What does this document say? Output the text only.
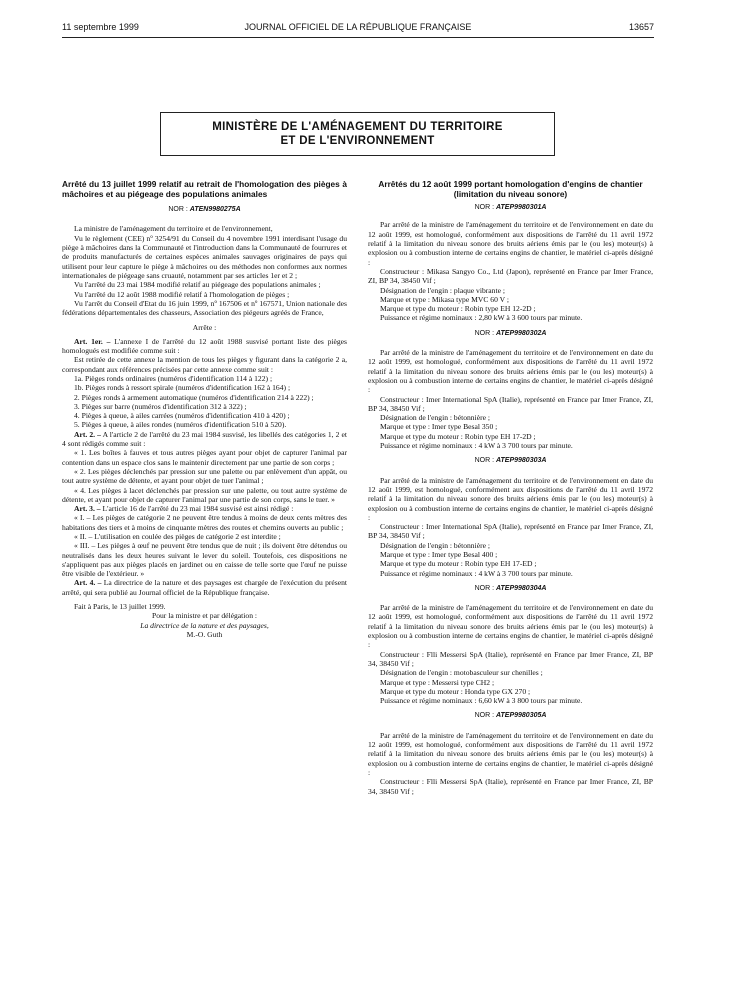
11 septembre 1999	JOURNAL OFFICIEL DE LA RÉPUBLIQUE FRANÇAISE	13657
MINISTÈRE DE L'AMÉNAGEMENT DU TERRITOIRE
ET DE L'ENVIRONNEMENT
Arrêté du 13 juillet 1999 relatif au retrait de l'homologation des pièges à mâchoires et au piégeage des populations animales
NOR : ATEN9980275A

La ministre de l'aménagement du territoire et de l'environnement,

Vu le règlement (CEE) nº 3254/91 du Conseil du 4 novembre 1991 interdisant l'usage du piège à mâchoires dans la Communauté et l'introduction dans la Communauté de fourrures et de produits manufacturés de certaines espèces animales sauvages originaires de pays qui utilisent pour leur capture le piège à mâchoires ou des méthodes non conformes aux normes internationales de piégeage sans cruauté, notamment par ses articles 1er et 2 ;

Vu l'arrêté du 23 mai 1984 modifié relatif au piégeage des populations animales ;

Vu l'arrêté du 12 août 1988 modifié relatif à l'homologation de pièges ;

Vu l'arrêt du Conseil d'Etat du 16 juin 1999, nº 167506 et nº 167571, Union nationale des fédérations départementales des chasseurs, Association des piégeurs agréés de France,

Arrête :

Art. 1er. – L'annexe I de l'arrêté du 12 août 1988 susvisé portant liste des pièges homologués est modifiée comme suit :

Est retirée de cette annexe la mention de tous les pièges y figurant dans la catégorie 2 a, correspondant aux références précisées par cette annexe comme suit :

1a. Pièges ronds ordinaires (numéros d'identification 114 à 122) ;

1b. Pièges ronds à ressort spirale (numéros d'identification 162 à 164) ;

2. Pièges ronds à armement automatique (numéros d'identification 214 à 222) ;

3. Pièges sur barre (numéros d'identification 312 à 322) ;

4. Pièges à queue, à ailes carrées (numéros d'identification 410 à 420) ;

5. Pièges à queue, à ailes rondes (numéros d'identification 510 à 520).

Art. 2. – A l'article 2 de l'arrêté du 23 mai 1984 susvisé, les libellés des catégories 1, 2 et 4 sont rédigés comme suit :

« 1. Les boîtes à fauves et tous autres pièges ayant pour objet de capturer l'animal par contention dans un espace clos sans le maintenir directement par une partie de son corps ;

« 2. Les pièges déclenchés par pression sur une palette ou par enlèvement d'un appât, ou tout autre système de détente, et ayant pour objet de tuer l'animal ;

« 4. Les pièges à lacet déclenchés par pression sur une palette, ou tout autre système de détente, et ayant pour objet de capturer l'animal par une partie de son corps, sans le tuer. »

Art. 3. – L'article 16 de l'arrêté du 23 mai 1984 susvisé est ainsi rédigé :

« I. – Les pièges de catégorie 2 ne peuvent être tendus à moins de deux cents mètres des habitations des tiers et à moins de cinquante mètres des routes et chemins ouverts au public ;

« II. – L'utilisation en coulée des pièges de catégorie 2 est interdite ;

« III. – Les pièges à œuf ne peuvent être tendus que de nuit ; ils doivent être détendus ou neutralisés dans les deux heures suivant le lever du soleil. Toutefois, ces dispositions ne s'appliquent pas aux pièges placés en jardinet ou en caisse de telle sorte que l'œuf ne puisse être visible de l'extérieur. »

Art. 4. – La directrice de la nature et des paysages est chargée de l'exécution du présent arrêté, qui sera publié au Journal officiel de la République française.

Fait à Paris, le 13 juillet 1999.

Pour la ministre et par délégation :

La directrice de la nature et des paysages,

M.-O. Guth

Arrêtés du 12 août 1999 portant homologation d'engins de chantier (limitation du niveau sonore)
NOR : ATEP9980301A

Par arrêté de la ministre de l'aménagement du territoire et de l'environnement en date du 12 août 1999, est homologué, conformément aux dispositions de l'arrêté du 11 avril 1972 relatif à la limitation du niveau sonore des bruits aériens émis par le (ou les) moteur(s) à explosion ou à combustion interne de certains engins de chantier, le matériel ci-après désigné :

Constructeur : Mikasa Sangyo Co., Ltd (Japon), représenté en France par Imer France, ZI, BP 34, 38450 Vif ;

Désignation de l'engin : plaque vibrante ;

Marque et type : Mikasa type MVC 60 V ;

Marque et type du moteur : Robin type EH 12-2D ;

Puissance et régime nominaux : 2,80 kW à 3 600 tours par minute.

NOR : ATEP9980302A

Par arrêté de la ministre de l'aménagement du territoire et de l'environnement en date du 12 août 1999, est homologué, conformément aux dispositions de l'arrêté du 11 avril 1972 relatif à la limitation du niveau sonore des bruits aériens émis par le (ou les) moteur(s) à explosion ou à combustion interne de certains engins de chantier, le matériel ci-après désigné :

Constructeur : Imer International SpA (Italie), représenté en France par Imer France, ZI, BP 34, 38450 Vif ;

Désignation de l'engin : bétonnière ;

Marque et type : Imer type Besal 350 ;

Marque et type du moteur : Robin type EH 17-2D ;

Puissance et régime nominaux : 4 kW à 3 700 tours par minute.

NOR : ATEP9980303A

Par arrêté de la ministre de l'aménagement du territoire et de l'environnement en date du 12 août 1999, est homologué, conformément aux dispositions de l'arrêté du 11 avril 1972 relatif à la limitation du niveau sonore des bruits aériens émis par le (ou les) moteur(s) à explosion ou à combustion interne de certains engins de chantier, le matériel ci-après désigné :

Constructeur : Imer International SpA (Italie), représenté en France par Imer France, ZI, BP 34, 38450 Vif ;

Désignation de l'engin : bétonnière ;

Marque et type : Imer type Besal 400 ;

Marque et type du moteur : Robin type EH 17-ED ;

Puissance et régime nominaux : 4 kW à 3 700 tours par minute.

NOR : ATEP9980304A

Par arrêté de la ministre de l'aménagement du territoire et de l'environnement en date du 12 août 1999, est homologué, conformément aux dispositions de l'arrêté du 11 avril 1972 relatif à la limitation du niveau sonore des bruits aériens émis par le (ou les) moteur(s) à explosion ou à combustion interne de certains engins de chantier, le matériel ci-après désigné :

Constructeur : Flli Messersi SpA (Italie), représenté en France par Imer France, ZI, BP 34, 38450 Vif ;

Désignation de l'engin : motobasculeur sur chenilles ;

Marque et type : Messersi type CH2 ;

Marque et type du moteur : Honda type GX 270 ;

Puissance et régime nominaux : 6,60 kW à 3 800 tours par minute.

NOR : ATEP9980305A

Par arrêté de la ministre de l'aménagement du territoire et de l'environnement en date du 12 août 1999, est homologué, conformément aux dispositions de l'arrêté du 11 avril 1972 relatif à la limitation du niveau sonore des bruits aériens émis par le (ou les) moteur(s) à explosion ou à combustion interne de certains engins de chantier, le matériel ci-après désigné :

Constructeur : Flli Messersi SpA (Italie), représenté en France par Imer France, ZI, BP 34, 38450 Vif ;
